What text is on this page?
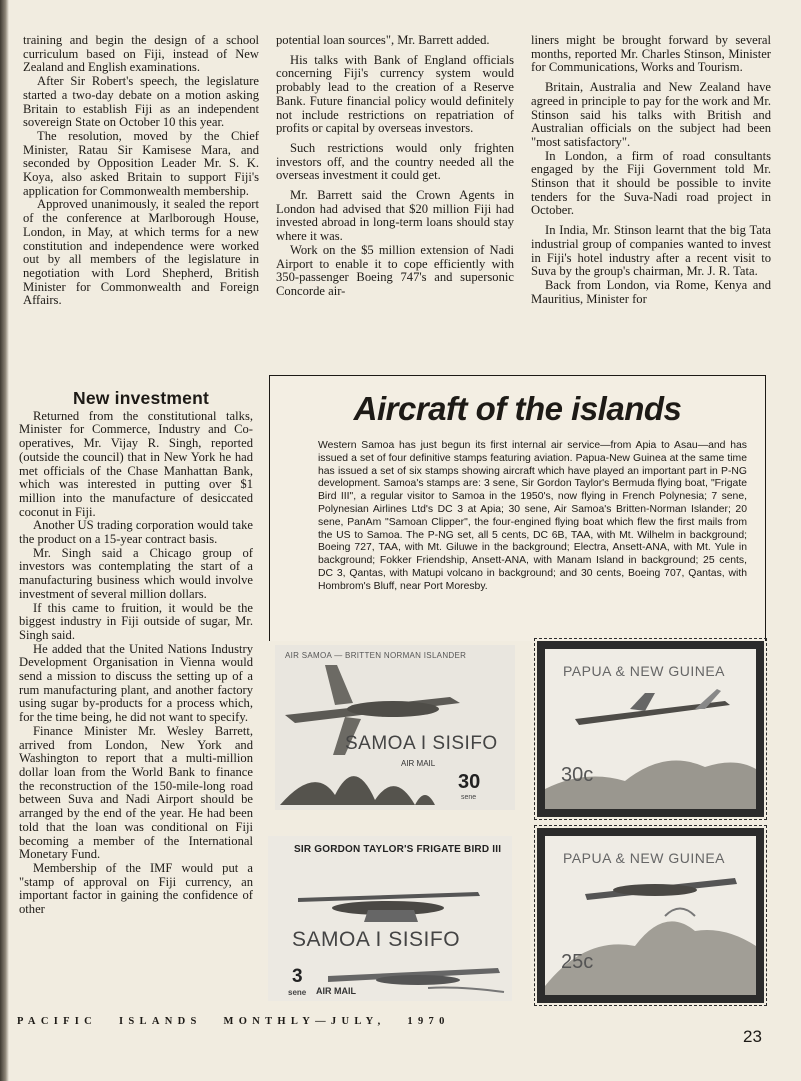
training and begin the design of a school curriculum based on Fiji, instead of New Zealand and English examinations.

After Sir Robert's speech, the legislature started a two-day debate on a motion asking Britain to establish Fiji as an independent sovereign State on October 10 this year.

The resolution, moved by the Chief Minister, Ratau Sir Kamisese Mara, and seconded by Opposition Leader Mr. S. K. Koya, also asked Britain to support Fiji's application for Commonwealth membership.

Approved unanimously, it sealed the report of the conference at Marlborough House, London, in May, at which terms for a new constitution and independence were worked out by all members of the legislature in negotiation with Lord Shepherd, British Minister for Commonwealth and Foreign Affairs.

potential loan sources", Mr. Barrett added.

His talks with Bank of England officials concerning Fiji's currency system would probably lead to the creation of a Reserve Bank. Future financial policy would definitely not include restrictions on repatriation of profits or capital by overseas investors.

Such restrictions would only frighten investors off, and the country needed all the overseas investment it could get.

Mr. Barrett said the Crown Agents in London had advised that $20 million Fiji had invested abroad in long-term loans should stay where it was.

Work on the $5 million extension of Nadi Airport to enable it to cope efficiently with 350-passenger Boeing 747's and supersonic Concorde air-

liners might be brought forward by several months, reported Mr. Charles Stinson, Minister for Communications, Works and Tourism.

Britain, Australia and New Zealand have agreed in principle to pay for the work and Mr. Stinson said his talks with British and Australian officials on the subject had been "most satisfactory".

In London, a firm of road consultants engaged by the Fiji Government told Mr. Stinson that it should be possible to invite tenders for the Suva-Nadi road project in October.

In India, Mr. Stinson learnt that the big Tata industrial group of companies wanted to invest in Fiji's hotel industry after a recent visit to Suva by the group's chairman, Mr. J. R. Tata.

Back from London, via Rome, Kenya and Mauritius, Minister for

New investment

Returned from the constitutional talks, Minister for Commerce, Industry and Co-operatives, Mr. Vijay R. Singh, reported (outside the council) that in New York he had met officials of the Chase Manhattan Bank, which was interested in putting over $1 million into the manufacture of desiccated coconut in Fiji.

Another US trading corporation would take the product on a 15-year contract basis.

Mr. Singh said a Chicago group of investors was contemplating the start of a manufacturing business which would involve investment of several million dollars.

If this came to fruition, it would be the biggest industry in Fiji outside of sugar, Mr. Singh said.

He added that the United Nations Industry Development Organisation in Vienna would send a mission to discuss the setting up of a rum manufacturing plant, and another factory using sugar by-products for a process which, for the time being, he did not want to specify.

Finance Minister Mr. Wesley Barrett, arrived from London, New York and Washington to report that a multi-million dollar loan from the World Bank to finance the reconstruction of the 150-mile-long road between Suva and Nadi Airport should be arranged by the end of the year. He had been told that the loan was conditional on Fiji becoming a member of the International Monetary Fund.

Membership of the IMF would put a "stamp of approval on Fiji currency, an important factor in gaining the confidence of other

Aircraft of the islands
Western Samoa has just begun its first internal air service—from Apia to Asau—and has issued a set of four definitive stamps featuring aviation. Papua-New Guinea at the same time has issued a set of six stamps showing aircraft which have played an important part in P-NG development. Samoa's stamps are: 3 sene, Sir Gordon Taylor's Bermuda flying boat, "Frigate Bird III", a regular visitor to Samoa in the 1950's, now flying in French Polynesia; 7 sene, Polynesian Airlines Ltd's DC 3 at Apia; 30 sene, Air Samoa's Britten-Norman Islander; 20 sene, PanAm "Samoan Clipper", the four-engined flying boat which flew the first mails from the US to Samoa. The P-NG set, all 5 cents, DC 6B, TAA, with Mt. Wilhelm in background; Boeing 727, TAA, with Mt. Giluwe in the background; Electra, Ansett-ANA, with Mt. Yule in background; Fokker Friendship, Ansett-ANA, with Manam Island in background; 25 cents, DC 3, Qantas, with Matupi volcano in background; and 30 cents, Boeing 707, Qantas, with Hombrom's Bluff, near Port Moresby.
AIR SAMOA — BRITTEN NORMAN ISLANDER
SAMOA I SISIFO
AIR MAIL
30
sene
SIR GORDON TAYLOR'S FRIGATE BIRD III
SAMOA I SISIFO
3
sene AIR MAIL
PAPUA & NEW GUINEA
30c
PAPUA & NEW GUINEA
25c
PACIFIC ISLANDS MONTHLY—JULY, 1970
23
